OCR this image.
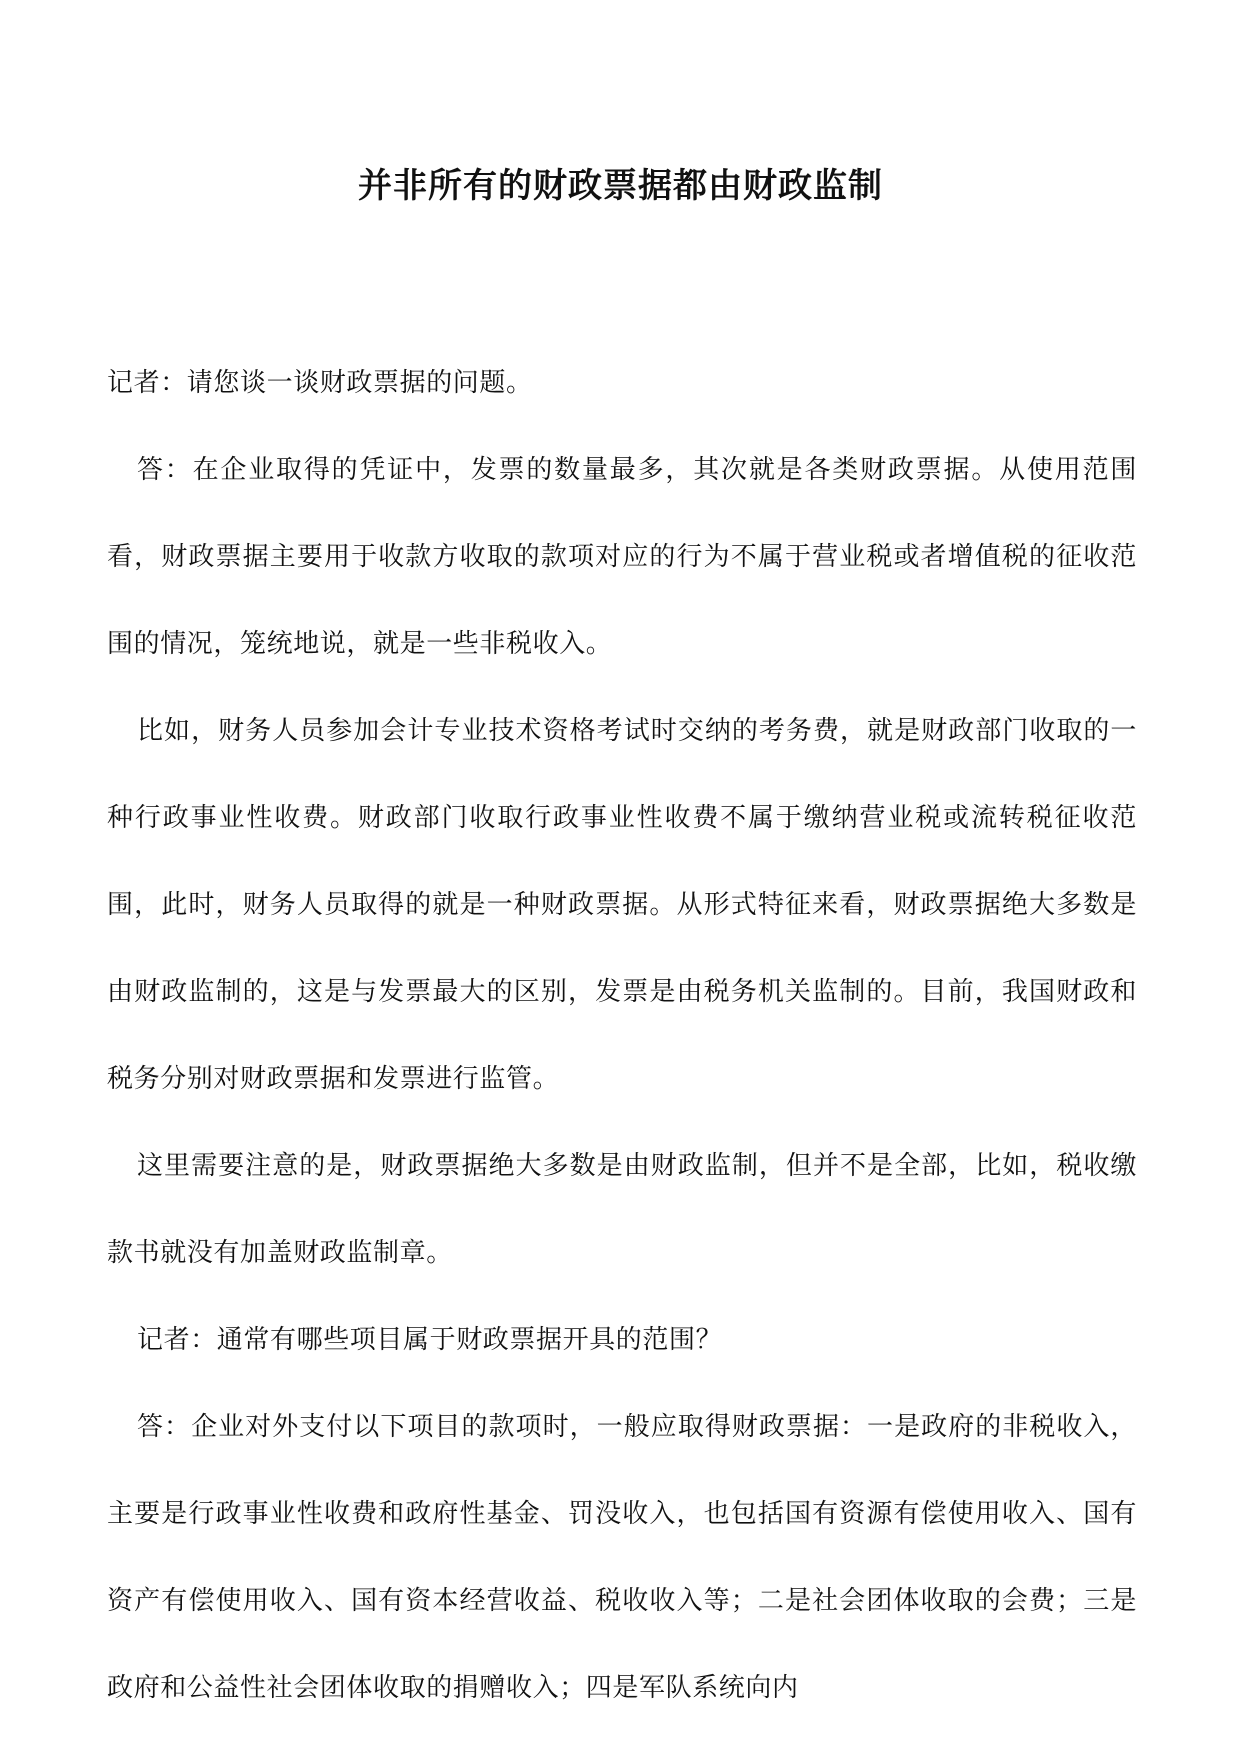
并非所有的财政票据都由财政监制

记者：请您谈一谈财政票据的问题。

答：在企业取得的凭证中，发票的数量最多，其次就是各类财政票据。从使用范围看，财政票据主要用于收款方收取的款项对应的行为不属于营业税或者增值税的征收范围的情况，笼统地说，就是一些非税收入。

比如，财务人员参加会计专业技术资格考试时交纳的考务费，就是财政部门收取的一种行政事业性收费。财政部门收取行政事业性收费不属于缴纳营业税或流转税征收范围，此时，财务人员取得的就是一种财政票据。从形式特征来看，财政票据绝大多数是由财政监制的，这是与发票最大的区别，发票是由税务机关监制的。目前，我国财政和税务分别对财政票据和发票进行监管。

这里需要注意的是，财政票据绝大多数是由财政监制，但并不是全部，比如，税收缴款书就没有加盖财政监制章。

记者：通常有哪些项目属于财政票据开具的范围？

答：企业对外支付以下项目的款项时，一般应取得财政票据：一是政府的非税收入，主要是行政事业性收费和政府性基金、罚没收入，也包括国有资源有偿使用收入、国有资产有偿使用收入、国有资本经营收益、税收收入等；二是社会团体收取的会费；三是政府和公益性社会团体收取的捐赠收入；四是军队系统向内
